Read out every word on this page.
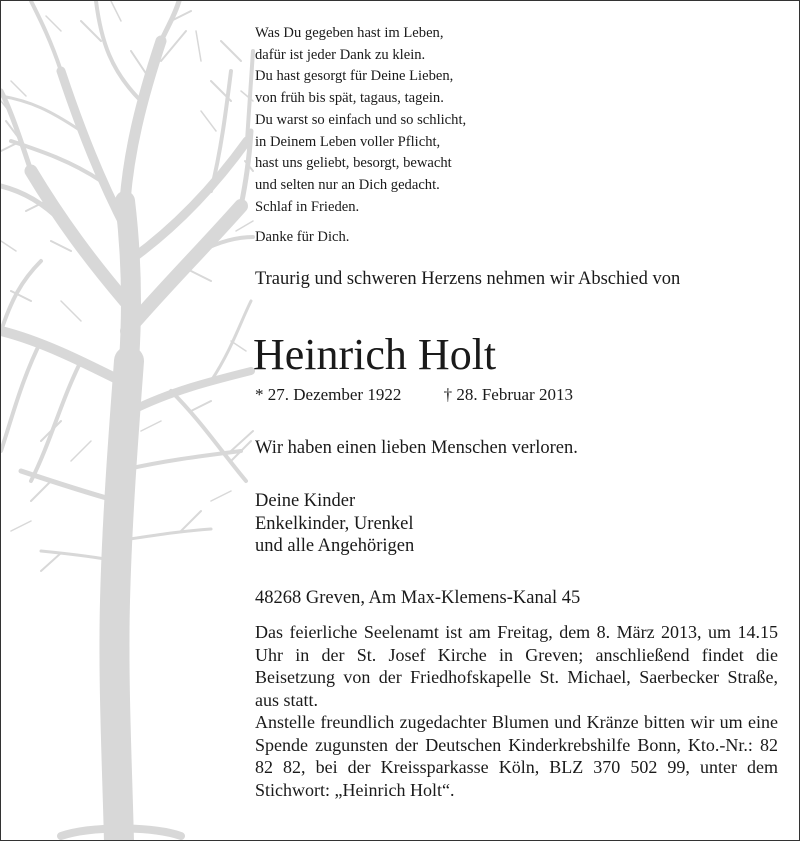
Was Du gegeben hast im Leben,
dafür ist jeder Dank zu klein.
Du hast gesorgt für Deine Lieben,
von früh bis spät, tagaus, tagein.
Du warst so einfach und so schlicht,
in Deinem Leben voller Pflicht,
hast uns geliebt, besorgt, bewacht
und selten nur an Dich gedacht.
Schlaf in Frieden.
Danke für Dich.
Traurig und schweren Herzens nehmen wir Abschied von
Heinrich Holt
* 27. Dezember 1922 † 28. Februar 2013
Wir haben einen lieben Menschen verloren.
Deine Kinder
Enkelkinder, Urenkel
und alle Angehörigen
48268 Greven, Am Max-Klemens-Kanal 45

Das feierliche Seelenamt ist am Freitag, dem 8. März 2013, um 14.15 Uhr in der St. Josef Kirche in Greven; anschließend findet die Beisetzung von der Friedhofskapelle St. Michael, Saerbecker Straße, aus statt.

Anstelle freundlich zugedachter Blumen und Kränze bitten wir um eine Spende zugunsten der Deutschen Kinderkrebshilfe Bonn, Kto.-Nr.: 82 82 82, bei der Kreissparkasse Köln, BLZ 370 502 99, unter dem Stichwort: „Heinrich Holt“.
